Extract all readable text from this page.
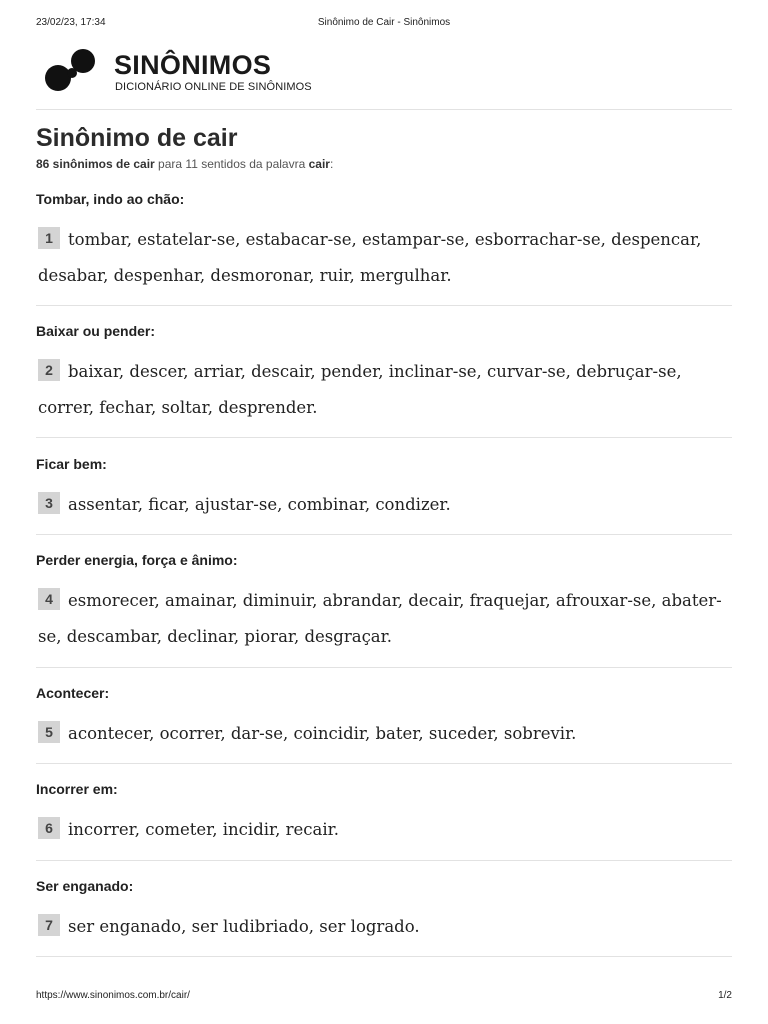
23/02/23, 17:34	Sinônimo de Cair - Sinônimos
SINÔNIMOS
DICIONÁRIO ONLINE DE SINÔNIMOS
Sinônimo de cair
86 sinônimos de cair para 11 sentidos da palavra cair:
Tombar, indo ao chão:
1 tombar, estatelar-se, estabacar-se, estampar-se, esborrachar-se, despencar, desabar, despenhar, desmoronar, ruir, mergulhar.
Baixar ou pender:
2 baixar, descer, arriar, descair, pender, inclinar-se, curvar-se, debruçar-se, correr, fechar, soltar, desprender.
Ficar bem:
3 assentar, ficar, ajustar-se, combinar, condizer.
Perder energia, força e ânimo:
4 esmorecer, amainar, diminuir, abrandar, decair, fraquejar, afrouxar-se, abater-se, descambar, declinar, piorar, desgraçar.
Acontecer:
5 acontecer, ocorrer, dar-se, coincidir, bater, suceder, sobrevir.
Incorrer em:
6 incorrer, cometer, incidir, recair.
Ser enganado:
7 ser enganado, ser ludibriado, ser logrado.
https://www.sinonimos.com.br/cair/	1/2
